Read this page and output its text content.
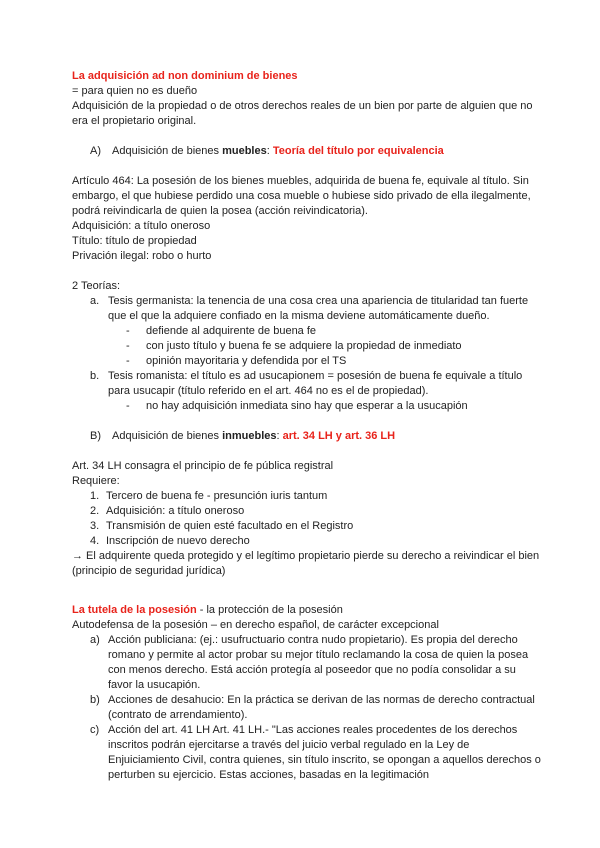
La adquisición ad non dominium de bienes
= para quien no es dueño
Adquisición de la propiedad o de otros derechos reales de un bien por parte de alguien que no era el propietario original.
A) Adquisición de bienes muebles: Teoría del título por equivalencia
Artículo 464: La posesión de los bienes muebles, adquirida de buena fe, equivale al título. Sin embargo, el que hubiese perdido una cosa mueble o hubiese sido privado de ella ilegalmente, podrá reivindicarla de quien la posea (acción reivindicatoria).
Adquisición: a título oneroso
Título: título de propiedad
Privación ilegal: robo o hurto
2 Teorías:
a. Tesis germanista: la tenencia de una cosa crea una apariencia de titularidad tan fuerte que el que la adquiere confiado en la misma deviene automáticamente dueño.
-	defiende al adquirente de buena fe
-	con justo título y buena fe se adquiere la propiedad de inmediato
-	opinión mayoritaria y defendida por el TS
b. Tesis romanista: el título es ad usucapionem = posesión de buena fe equivale a título para usucapir (título referido en el art. 464 no es el de propiedad).
-	no hay adquisición inmediata sino hay que esperar a la usucapión
B) Adquisición de bienes inmuebles: art. 34 LH y art. 36 LH
Art. 34 LH consagra el principio de fe pública registral
Requiere:
1. Tercero de buena fe - presunción iuris tantum
2. Adquisición: a título oneroso
3. Transmisión de quien esté facultado en el Registro
4. Inscripción de nuevo derecho
→ El adquirente queda protegido y el legítimo propietario pierde su derecho a reivindicar el bien (principio de seguridad jurídica)
La tutela de la posesión - la protección de la posesión
Autodefensa de la posesión – en derecho español, de carácter excepcional
a) Acción publiciana: (ej.: usufructuario contra nudo propietario). Es propia del derecho romano y permite al actor probar su mejor título reclamando la cosa de quien la posea con menos derecho. Está acción protegía al poseedor que no podía consolidar a su favor la usucapión.
b) Acciones de desahucio: En la práctica se derivan de las normas de derecho contractual (contrato de arrendamiento).
c) Acción del art. 41 LH Art. 41 LH.- "Las acciones reales procedentes de los derechos inscritos podrán ejercitarse a través del juicio verbal regulado en la Ley de Enjuiciamiento Civil, contra quienes, sin título inscrito, se opongan a aquellos derechos o perturben su ejercicio. Estas acciones, basadas en la legitimación
